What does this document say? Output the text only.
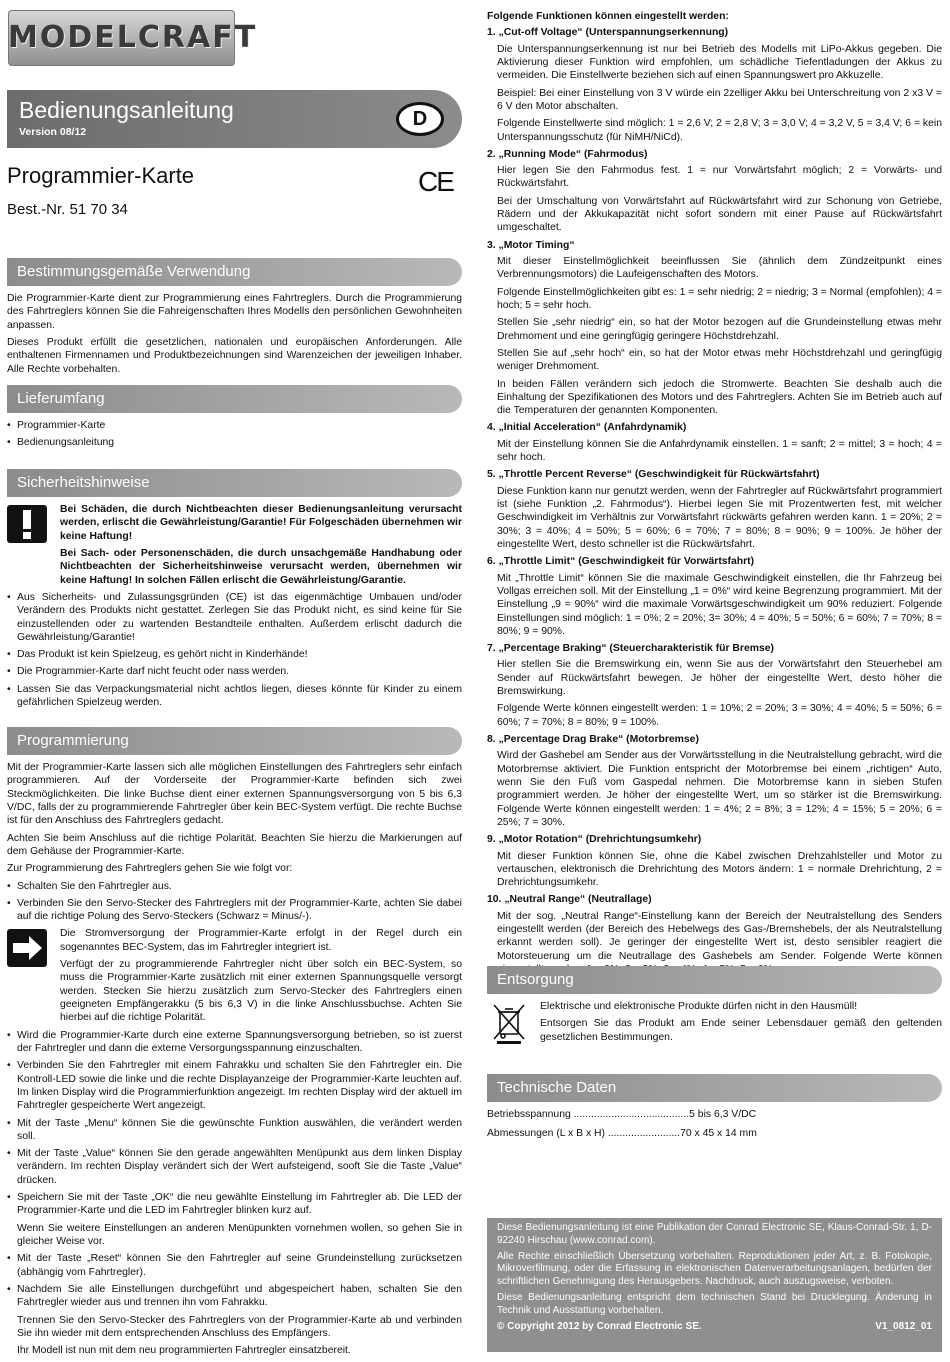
MODELCRAFT
Bedienungsanleitung
Version 08/12
D
Programmier-Karte	CE
Best.-Nr. 51 70 34
Bestimmungsgemäße Verwendung

Die Programmier-Karte dient zur Programmierung eines Fahrtreglers. Durch die Programmierung des Fahrtreglers können Sie die Fahreigenschaften Ihres Modells den persönlichen Gewohnheiten anpassen.

Dieses Produkt erfüllt die gesetzlichen, nationalen und europäischen Anforderungen. Alle enthaltenen Firmennamen und Produktbezeichnungen sind Warenzeichen der jeweiligen Inhaber. Alle Rechte vorbehalten.

Lieferumfang
• Programmier-Karte
• Bedienungsanleitung
Sicherheitshinweise

Bei Schäden, die durch Nichtbeachten dieser Bedienungsanleitung verursacht werden, erlischt die Gewährleistung/Garantie! Für Folgeschäden übernehmen wir keine Haftung!

Bei Sach- oder Personenschäden, die durch unsachgemäße Handhabung oder Nichtbeachten der Sicherheitshinweise verursacht werden, übernehmen wir keine Haftung! In solchen Fällen erlischt die Gewährleistung/Garantie.

• Aus Sicherheits- und Zulassungsgründen (CE) ist das eigenmächtige Umbauen und/oder Verändern des Produkts nicht gestattet. Zerlegen Sie das Produkt nicht, es sind keine für Sie einzustellenden oder zu wartenden Bestandteile enthalten. Außerdem erlischt dadurch die Gewährleistung/Garantie!
• Das Produkt ist kein Spielzeug, es gehört nicht in Kinderhände!
• Die Programmier-Karte darf nicht feucht oder nass werden.
• Lassen Sie das Verpackungsmaterial nicht achtlos liegen, dieses könnte für Kinder zu einem gefährlichen Spielzeug werden.
Programmierung

Mit der Programmier-Karte lassen sich alle möglichen Einstellungen des Fahrtreglers sehr einfach programmieren. Auf der Vorderseite der Programmier-Karte befinden sich zwei Steckmöglichkeiten. Die linke Buchse dient einer externen Spannungsversorgung von 5 bis 6,3 V/DC, falls der zu programmierende Fahrtregler über kein BEC-System verfügt. Die rechte Buchse ist für den Anschluss des Fahrtreglers gedacht.

Achten Sie beim Anschluss auf die richtige Polarität. Beachten Sie hierzu die Markierungen auf dem Gehäuse der Programmier-Karte.

Zur Programmierung des Fahrtreglers gehen Sie wie folgt vor:

• Schalten Sie den Fahrtregler aus.
• Verbinden Sie den Servo-Stecker des Fahrtreglers mit der Programmier-Karte, achten Sie dabei auf die richtige Polung des Servo-Steckers (Schwarz = Minus/-).

Die Stromversorgung der Programmier-Karte erfolgt in der Regel durch ein sogenanntes BEC-System, das im Fahrtregler integriert ist.

Verfügt der zu programmierende Fahrtregler nicht über solch ein BEC-System, so muss die Programmier-Karte zusätzlich mit einer externen Spannungsquelle versorgt werden. Stecken Sie hierzu zusätzlich zum Servo-Stecker des Fahrtreglers einen geeigneten Empfängerakku (5 bis 6,3 V) in die linke Anschlussbuchse. Achten Sie hierbei auf die richtige Polarität.

• Wird die Programmier-Karte durch eine externe Spannungsversorgung betrieben, so ist zuerst der Fahrtregler und dann die externe Versorgungsspannung einzuschalten.
• Verbinden Sie den Fahrtregler mit einem Fahrakku und schalten Sie den Fahrtregler ein. Die Kontroll-LED sowie die linke und die rechte Displayanzeige der Programmier-Karte leuchten auf. Im linken Display wird die Programmierfunktion angezeigt. Im rechten Display wird der aktuell im Fahrtregler gespeicherte Wert angezeigt.
• Mit der Taste „Menu“ können Sie die gewünschte Funktion auswählen, die verändert werden soll.
• Mit der Taste „Value“ können Sie den gerade angewählten Menüpunkt aus dem linken Display verändern. Im rechten Display verändert sich der Wert aufsteigend, sooft Sie die Taste „Value“ drücken.
• Speichern Sie mit der Taste „OK“ die neu gewählte Einstellung im Fahrtregler ab. Die LED der Programmier-Karte und die LED im Fahrtregler blinken kurz auf.
Wenn Sie weitere Einstellungen an anderen Menüpunkten vornehmen wollen, so gehen Sie in gleicher Weise vor.
• Mit der Taste „Reset“ können Sie den Fahrtregler auf seine Grundeinstellung zurücksetzen (abhängig vom Fahrtregler).
• Nachdem Sie alle Einstellungen durchgeführt und abgespeichert haben, schalten Sie den Fahrtregler wieder aus und trennen ihn vom Fahrakku.
Trennen Sie den Servo-Stecker des Fahrtreglers von der Programmier-Karte ab und verbinden Sie ihn wieder mit dem entsprechenden Anschluss des Empfängers.
Ihr Modell ist nun mit dem neu programmierten Fahrtregler einsatzbereit.
Folgende Funktionen können eingestellt werden:
1. „Cut-off Voltage“ (Unterspannungserkennung)

Die Unterspannungserkennung ist nur bei Betrieb des Modells mit LiPo-Akkus gegeben. Die Aktivierung dieser Funktion wird empfohlen, um schädliche Tiefentladungen der Akkus zu vermeiden. Die Einstellwerte beziehen sich auf einen Spannungswert pro Akkuzelle.

Beispiel: Bei einer Einstellung von 3 V würde ein 2zelliger Akku bei Unterschreitung von 2 x3 V = 6 V den Motor abschalten.

Folgende Einstellwerte sind möglich: 1 = 2,6 V; 2 = 2,8 V; 3 = 3,0 V; 4 = 3,2 V, 5 = 3,4 V; 6 = kein Unterspannungsschutz (für NiMH/NiCd).

2. „Running Mode“ (Fahrmodus)

Hier legen Sie den Fahrmodus fest. 1 = nur Vorwärtsfahrt möglich; 2 = Vorwärts- und Rückwärtsfahrt.

Bei der Umschaltung von Vorwärtsfahrt auf Rückwärtsfahrt wird zur Schonung von Getriebe, Rädern und der Akkukapazität nicht sofort sondern mit einer Pause auf Rückwärtsfahrt umgeschaltet.

3. „Motor Timing“

Mit dieser Einstellmöglichkeit beeinflussen Sie (ähnlich dem Zündzeitpunkt eines Verbrennungsmotors) die Laufeigenschaften des Motors.

Folgende Einstellmöglichkeiten gibt es: 1 = sehr niedrig; 2 = niedrig; 3 = Normal (empfohlen); 4 = hoch; 5 = sehr hoch.

Stellen Sie „sehr niedrig“ ein, so hat der Motor bezogen auf die Grundeinstellung etwas mehr Drehmoment und eine geringfügig geringere Höchstdrehzahl.

Stellen Sie auf „sehr hoch“ ein, so hat der Motor etwas mehr Höchstdrehzahl und geringfügig weniger Drehmoment.

In beiden Fällen verändern sich jedoch die Stromwerte. Beachten Sie deshalb auch die Einhaltung der Spezifikationen des Motors und des Fahrtreglers. Achten Sie im Betrieb auch auf die Temperaturen der genannten Komponenten.

4. „Initial Acceleration“ (Anfahrdynamik)

Mit der Einstellung können Sie die Anfahrdynamik einstellen. 1 = sanft; 2 = mittel; 3 = hoch; 4 = sehr hoch.

5. „Throttle Percent Reverse“ (Geschwindigkeit für Rückwärtsfahrt)

Diese Funktion kann nur genutzt werden, wenn der Fahrtregler auf Rückwärtsfahrt programmiert ist (siehe Funktion „2. Fahrmodus“). Hierbei legen Sie mit Prozentwerten fest, mit welcher Geschwindigkeit im Verhältnis zur Vorwärtsfahrt rückwärts gefahren werden kann. 1 = 20%; 2 = 30%; 3 = 40%; 4 = 50%; 5 = 60%; 6 = 70%; 7 = 80%; 8 = 90%; 9 = 100%. Je höher der eingestellte Wert, desto schneller ist die Rückwärtsfahrt.

6. „Throttle Limit“ (Geschwindigkeit für Vorwärtsfahrt)

Mit „Throttle Limit“ können Sie die maximale Geschwindigkeit einstellen, die Ihr Fahrzeug bei Vollgas erreichen soll. Mit der Einstellung „1 = 0%“ wird keine Begrenzung programmiert. Mit der Einstellung „9 = 90%“ wird die maximale Vorwärtsgeschwindigkeit um 90% reduziert. Folgende Einstellungen sind möglich: 1 = 0%; 2 = 20%; 3= 30%; 4 = 40%; 5 = 50%; 6 = 60%; 7 = 70%; 8 = 80%; 9 = 90%.

7. „Percentage Braking“ (Steuercharakteristik für Bremse)

Hier stellen Sie die Bremswirkung ein, wenn Sie aus der Vorwärtsfahrt den Steuerhebel am Sender auf Rückwärtsfahrt bewegen. Je höher der eingestellte Wert, desto höher die Bremswirkung.

Folgende Werte können eingestellt werden: 1 = 10%; 2 = 20%; 3 = 30%; 4 = 40%; 5 = 50%; 6 = 60%; 7 = 70%; 8 = 80%; 9 = 100%.

8. „Percentage Drag Brake“ (Motorbremse)

Wird der Gashebel am Sender aus der Vorwärtsstellung in die Neutralstellung gebracht, wird die Motorbremse aktiviert. Die Funktion entspricht der Motorbremse bei einem „richtigen“ Auto, wenn Sie den Fuß vom Gaspedal nehmen. Die Motorbremse kann in sieben Stufen programmiert werden. Je höher der eingestellte Wert, um so stärker ist die Bremswirkung. Folgende Werte können eingestellt werden: 1 = 4%; 2 = 8%; 3 = 12%; 4 = 15%; 5 = 20%; 6 = 25%; 7 = 30%.

9. „Motor Rotation“ (Drehrichtungsumkehr)

Mit dieser Funktion können Sie, ohne die Kabel zwischen Drehzahlsteller und Motor zu vertauschen, elektronisch die Drehrichtung des Motors ändern: 1 = normale Drehrichtung, 2 = Drehrichtungsumkehr.

10. „Neutral Range“ (Neutrallage)

Mit der sog. „Neutral Range“-Einstellung kann der Bereich der Neutralstellung des Senders eingestellt werden (der Bereich des Hebelwegs des Gas-/Bremshebels, der als Neutralstellung erkannt werden soll). Je geringer der eingestellte Wert ist, desto sensibler reagiert die Motorsteuerung um die Neutrallage des Gashebels am Sender. Folgende Werte können

Entsorgung

Elektrische und elektronische Produkte dürfen nicht in den Hausmüll!

Entsorgen Sie das Produkt am Ende seiner Lebensdauer gemäß den geltenden gesetzlichen Bestimmungen.

Technische Daten
Betriebsspannung ........................................ 5 bis 6,3 V/DC
Abmessungen (L x B x H) ......................... 70 x 45 x 14 mm

Diese Bedienungsanleitung ist eine Publikation der Conrad Electronic SE, Klaus-Conrad-Str. 1, D-92240 Hirschau (www.conrad.com).

Alle Rechte einschließlich Übersetzung vorbehalten. Reproduktionen jeder Art, z. B. Fotokopie, Mikroverfilmung, oder die Erfassung in elektronischen Datenverarbeitungsanlagen, bedürfen der schriftlichen Genehmigung des Herausgebers. Nachdruck, auch auszugsweise, verboten.

Diese Bedienungsanleitung entspricht dem technischen Stand bei Drucklegung. Änderung in Technik und Ausstattung vorbehalten.

© Copyright 2012 by Conrad Electronic SE.	V1_0812_01
